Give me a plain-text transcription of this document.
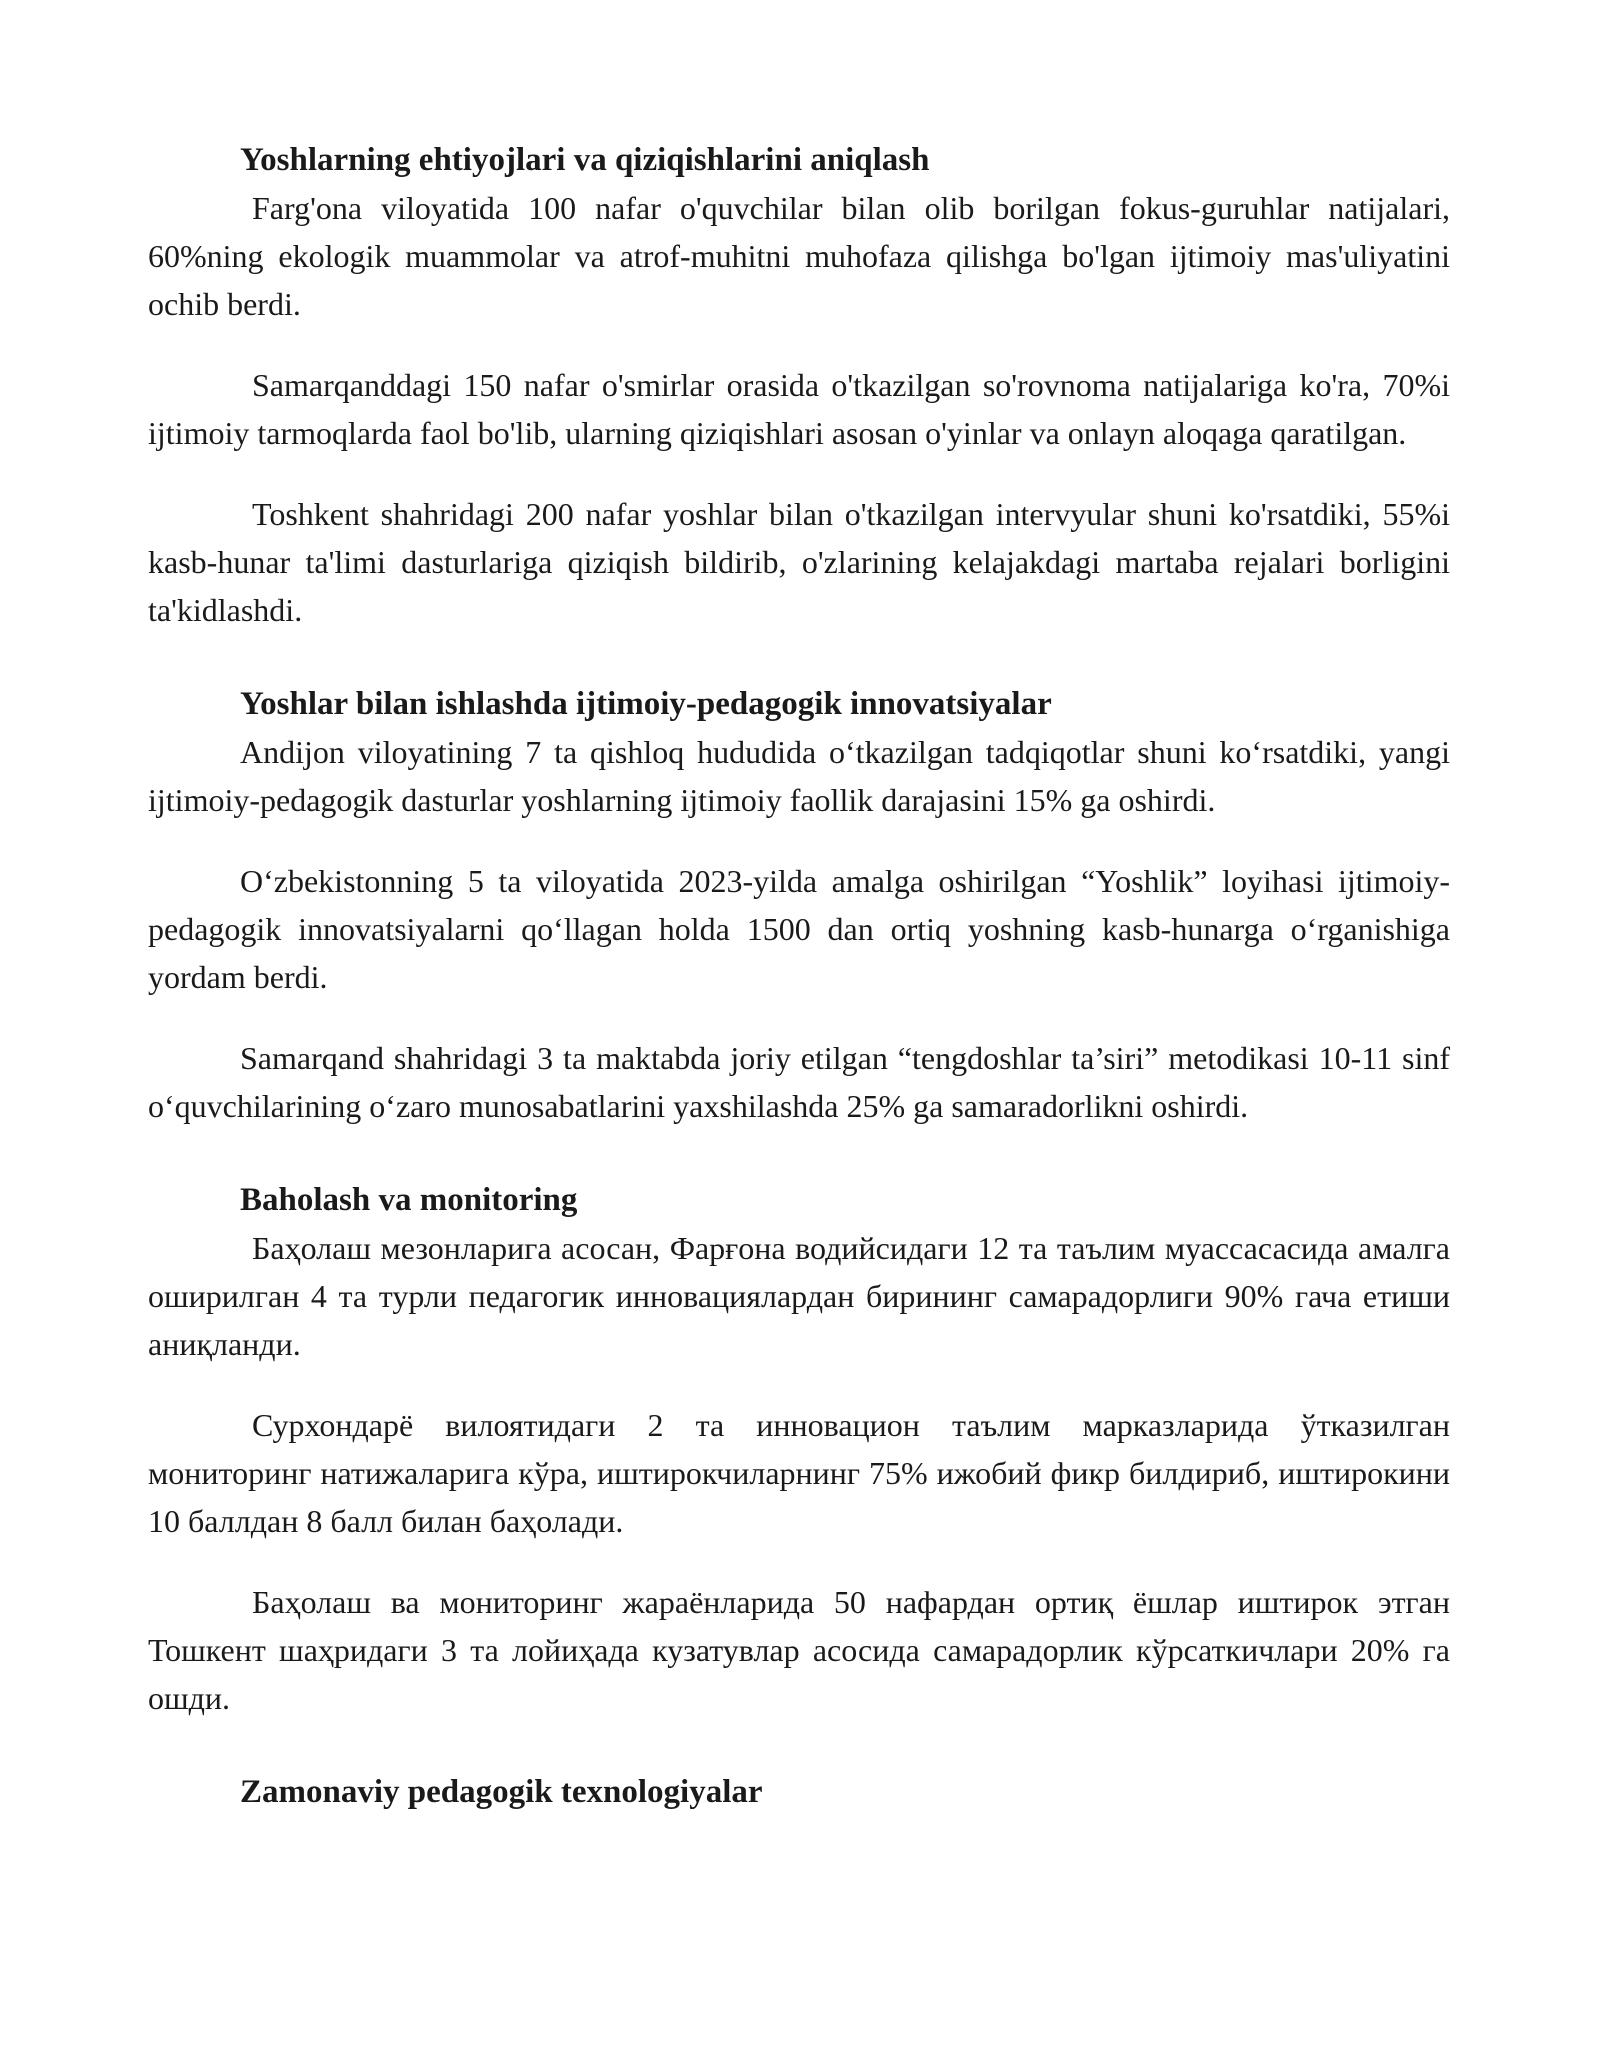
Yoshlarning ehtiyojlari va qiziqishlarini aniqlash

Farg'ona viloyatida 100 nafar o'quvchilar bilan olib borilgan fokus-guruhlar natijalari, 60%ning ekologik muammolar va atrof-muhitni muhofaza qilishga bo'lgan ijtimoiy mas'uliyatini ochib berdi.

Samarqanddagi 150 nafar o'smirlar orasida o'tkazilgan so'rovnoma natijalariga ko'ra, 70%i ijtimoiy tarmoqlarda faol bo'lib, ularning qiziqishlari asosan o'yinlar va onlayn aloqaga qaratilgan.

Toshkent shahridagi 200 nafar yoshlar bilan o'tkazilgan intervyular shuni ko'rsatdiki, 55%i kasb-hunar ta'limi dasturlariga qiziqish bildirib, o'zlarining kelajakdagi martaba rejalari borligini ta'kidlashdi.

Yoshlar bilan ishlashda ijtimoiy-pedagogik innovatsiyalar

Andijon viloyatining 7 ta qishloq hududida oʻtkazilgan tadqiqotlar shuni koʻrsatdiki, yangi ijtimoiy-pedagogik dasturlar yoshlarning ijtimoiy faollik darajasini 15% ga oshirdi.

Oʻzbekistonning 5 ta viloyatida 2023-yilda amalga oshirilgan “Yoshlik” loyihasi ijtimoiy-pedagogik innovatsiyalarni qoʻllagan holda 1500 dan ortiq yoshning kasb-hunarga oʻrganishiga yordam berdi.

Samarqand shahridagi 3 ta maktabda joriy etilgan “tengdoshlar ta’siri” metodikasi 10-11 sinf oʻquvchilarining oʻzaro munosabatlarini yaxshilashda 25% ga samaradorlikni oshirdi.

Baholash va monitoring

Баҳолаш мезонларига асосан, Фарғона водийсидаги 12 та таълим муассасасида амалга оширилган 4 та турли педагогик инновациялардан бирининг самарадорлиги 90% гача етиши аниқланди.

Сурхондарё вилоятидаги 2 та инновацион таълим марказларида ўтказилган мониторинг натижаларига кўра, иштирокчиларнинг 75% ижобий фикр билдириб, иштирокини 10 баллдан 8 балл билан баҳолади.

Баҳолаш ва мониторинг жараёнларида 50 нафардан ортиқ ёшлар иштирок этган Тошкент шаҳридаги 3 та лойиҳада кузатувлар асосида самарадорлик кўрсаткичлари 20% га ошди.

Zamonaviy pedagogik texnologiyalar
